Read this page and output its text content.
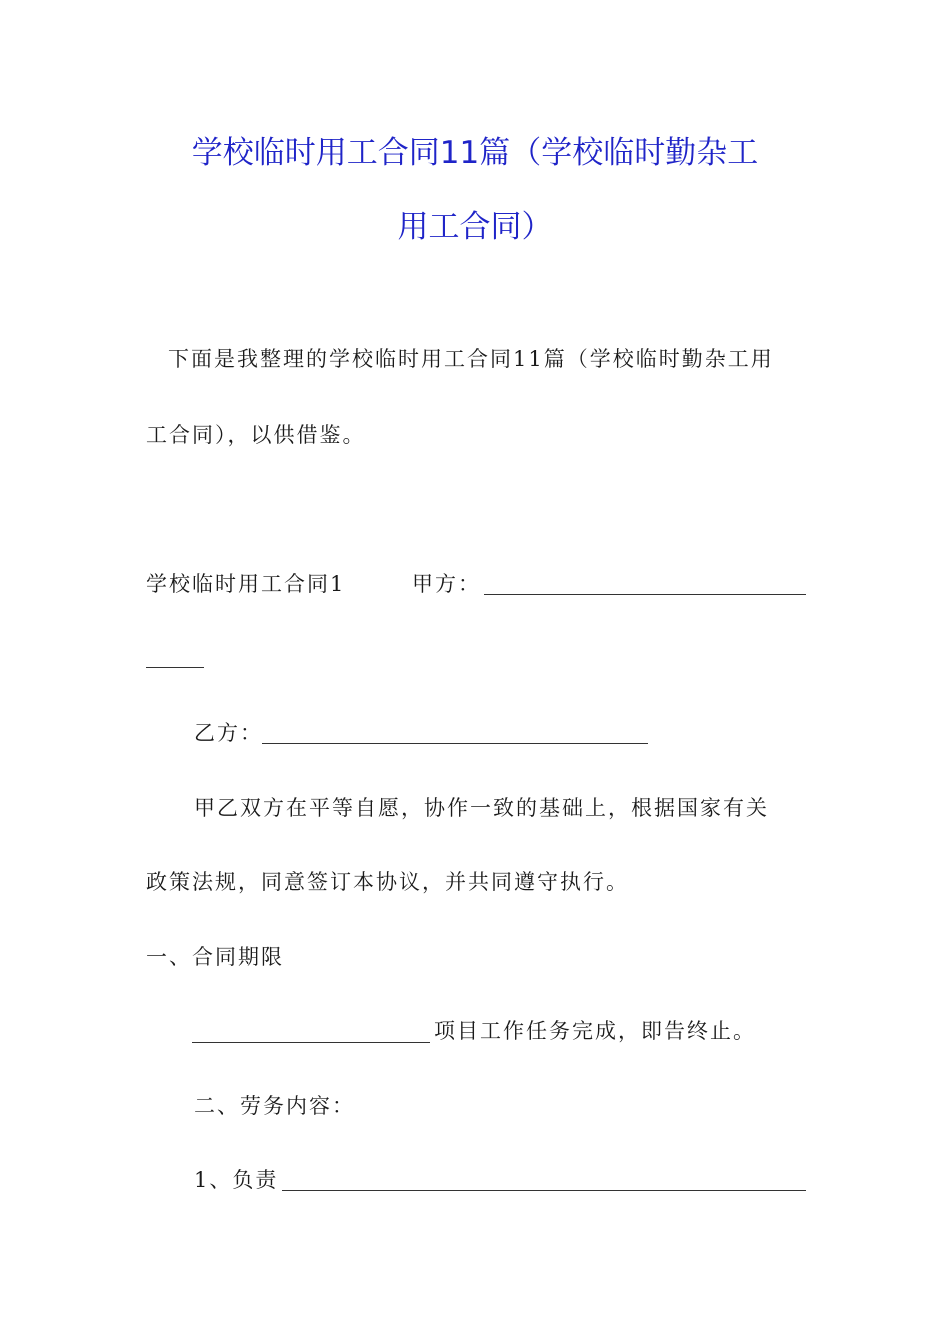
学校临时用工合同11篇（学校临时勤杂工
用工合同）
下面是我整理的学校临时用工合同11篇（学校临时勤杂工用
工合同），以供借鉴。
学校临时用工合同1	甲方：
乙方：
甲乙双方在平等自愿，协作一致的基础上，根据国家有关
政策法规，同意签订本协议，并共同遵守执行。
一、合同期限
项目工作任务完成，即告终止。
二、劳务内容：
1、负责
